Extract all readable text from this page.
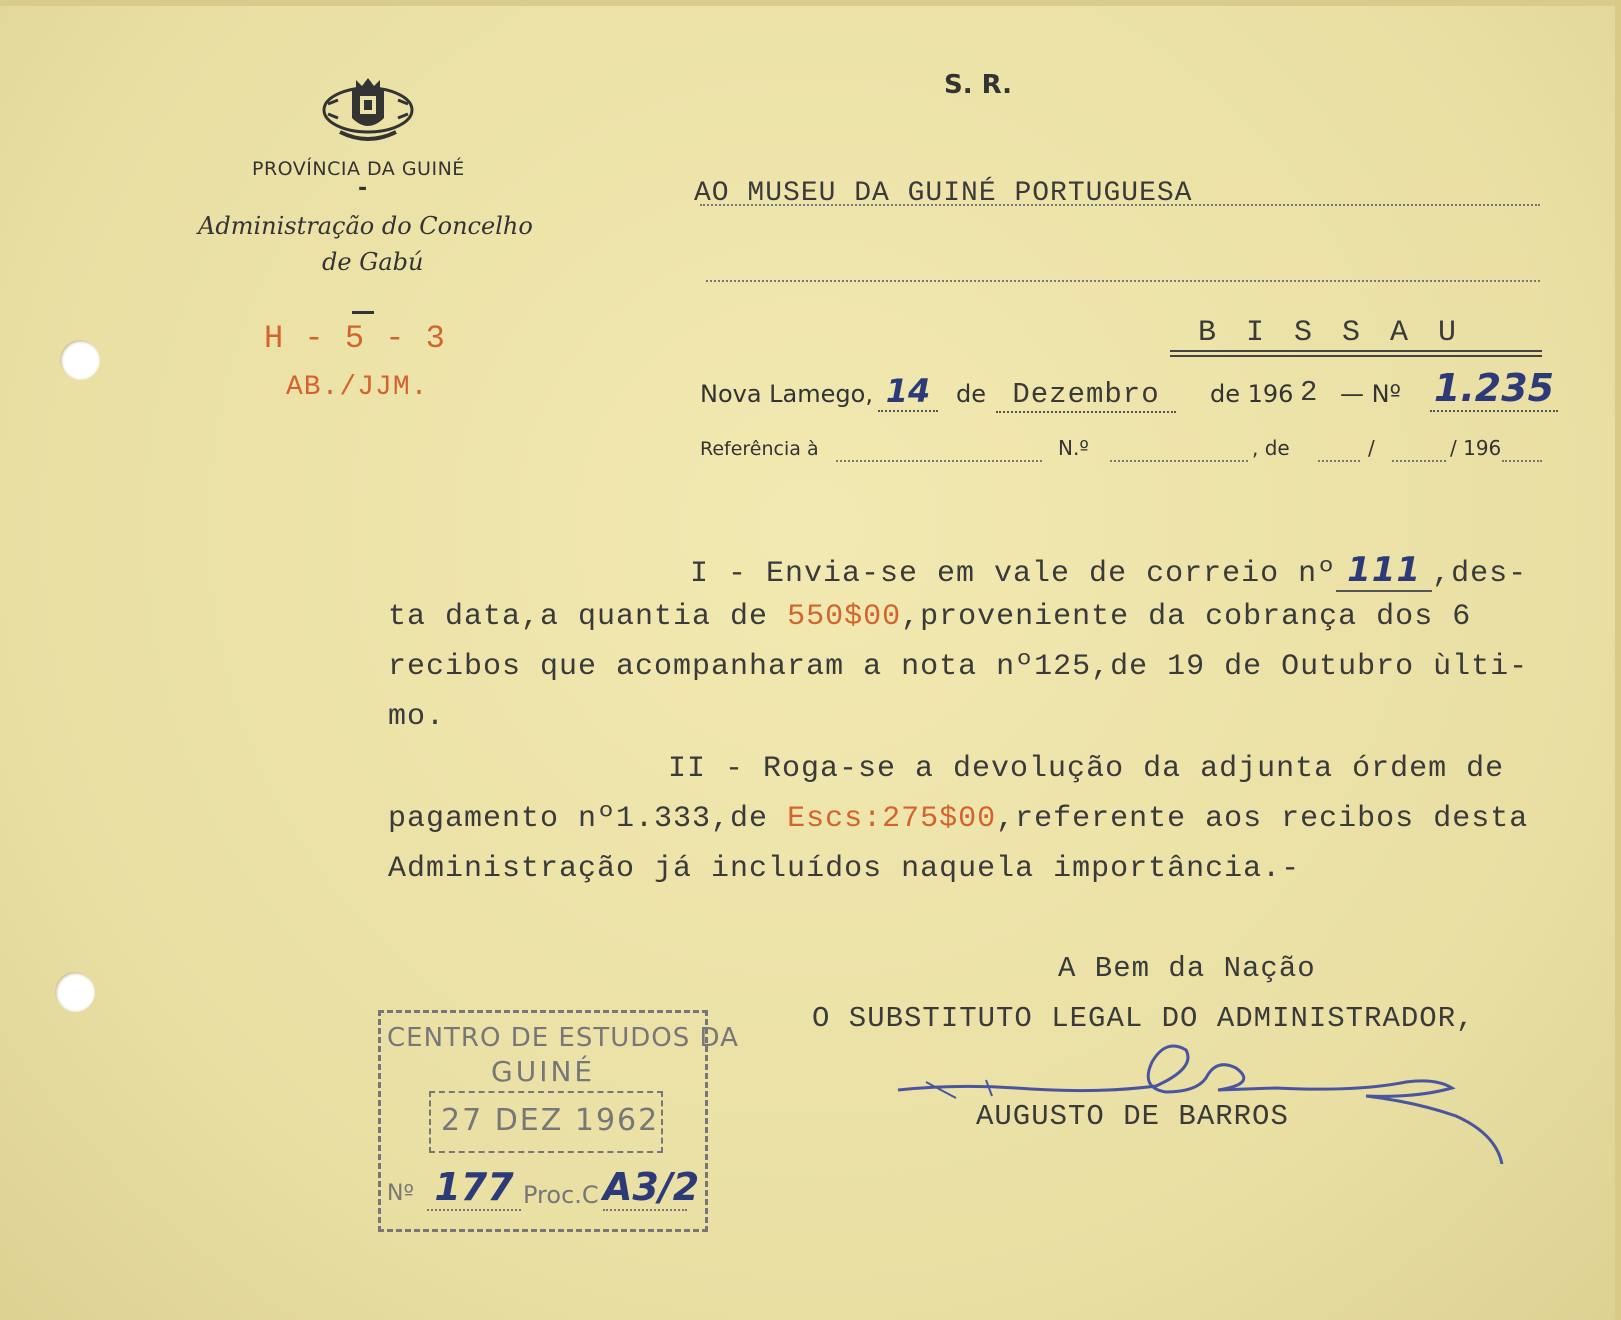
PROVÍNCIA DA GUINÉ
-
Administração do Concelho
de Gabú
S. R.
H - 5 - 3
AB./JJM.
AO MUSEU DA GUINÉ PORTUGUESA
B I S S A U
Nova Lamego, 14	de Dezembro	de 196 2 — Nº 1.235
Referência à	N.º	, de	/	/ 196
I - Envia-se em vale de correio nº 111 ,des-
ta data,a quantia de 550$00,proveniente da cobrança dos 6
recibos que acompanharam a nota nº125,de 19 de Outubro ùlti-
mo.
II - Roga-se a devolução da adjunta órdem de
pagamento nº1.333,de Escs:275$00,referente aos recibos desta
Administração já incluídos naquela importância.-
A Bem da Nação
O SUBSTITUTO LEGAL DO ADMINISTRADOR,
AUGUSTO DE BARROS
CENTRO DE ESTUDOS DA
GUINÉ
27 DEZ 1962
Nº 177 Proc.C A3/2
